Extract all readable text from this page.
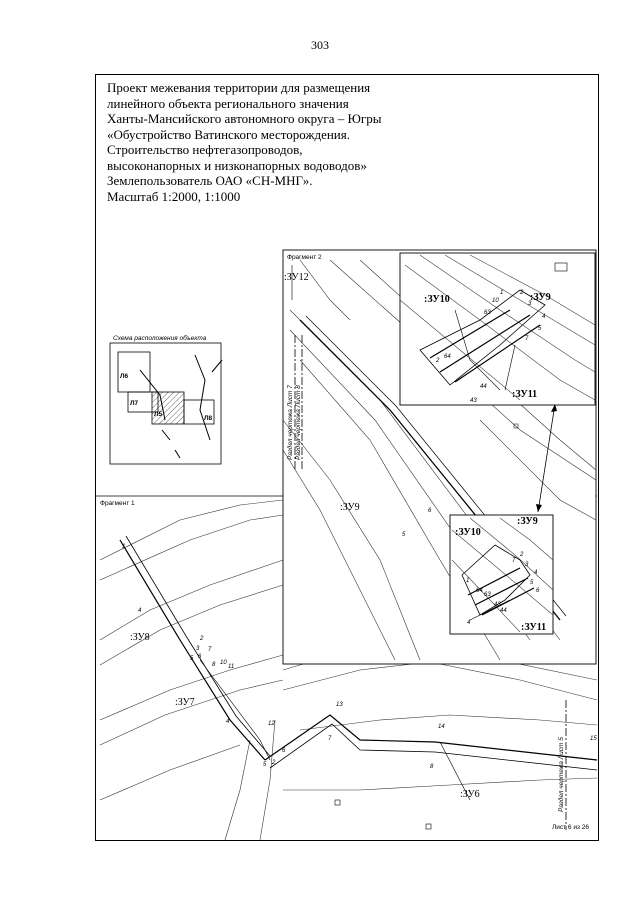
303
Проект межевания территории для размещения
линейного объекта регионального значения
Ханты-Мансийского автономного округа – Югры
«Обустройство Ватинского месторождения.
Строительство нефтегазопроводов,
высоконапорных и низконапорных водоводов»
Землепользователь ОАО «СН-МНГ».
Масштаб 1:2000, 1:1000
Схема расположения объекта
Л6
Л7
Л8
Л5
Фрагмент 1
:ЗУ8
:ЗУ7
:ЗУ6
1
2
3
4
5 6
7
8 10
11
12
13
14
15
4
5 2
6
7
8	Раздел чертежа Лист 5
Лист 6 из 26
Фрагмент 2
:ЗУ12
:ЗУ9	6
5
Раздел чертежа Лист 7 Раздел чертежа Лист 8
:ЗУ10	:ЗУ9
:ЗУ11
1	2
3
4
5
10
63
64
2
44
43
7
:ЗУ10
:ЗУ9
:ЗУ11
1
2
3
4
4
5
6
63
64
43
44
7
